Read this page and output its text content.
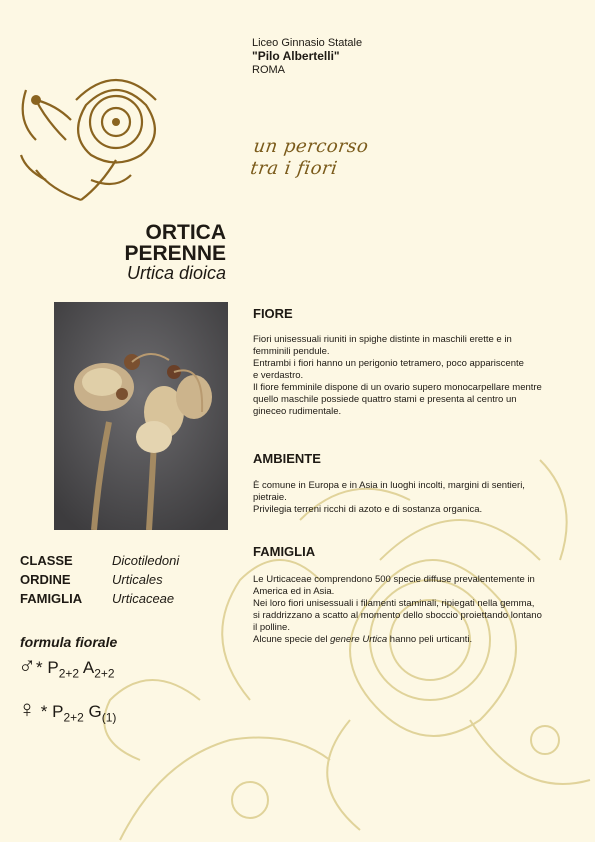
Liceo Ginnasio Statale
"Pilo Albertelli"
ROMA
un percorso
tra i fiori
ORTICA
PERENNE
Urtica dioica
FIORE
Fiori unisessuali riuniti in spighe distinte in maschili erette e in
femminili pendule.
Entrambi i fiori hanno un perigonio tetramero, poco appariscente
e verdastro.
Il fiore femminile dispone di un ovario supero monocarpellare mentre
quello maschile possiede quattro stami e presenta al centro un
gineceo rudimentale.
AMBIENTE
È comune in Europa e in Asia in luoghi incolti, margini di sentieri,
pietraie.
Privilegia terreni ricchi di azoto e di sostanza organica.
FAMIGLIA
Le Urticaceae comprendono 500 specie diffuse prevalentemente in
America ed in Asia.
Nei loro fiori unisessuali i filamenti staminali, ripiegati nella gemma,
si raddrizzano a scatto al momento dello sbocciо proiettando lontano
il polline.
Alcune specie del genere Urtica hanno peli urticanti.
CLASSE	Dicotiledoni
ORDINE	Urticales
FAMIGLIA	Urticaceae
formula fiorale
♂* $P_{2+2}$ $A_{2+2}$
♀ * $P_{2+2}$ $G_{(1)}$
